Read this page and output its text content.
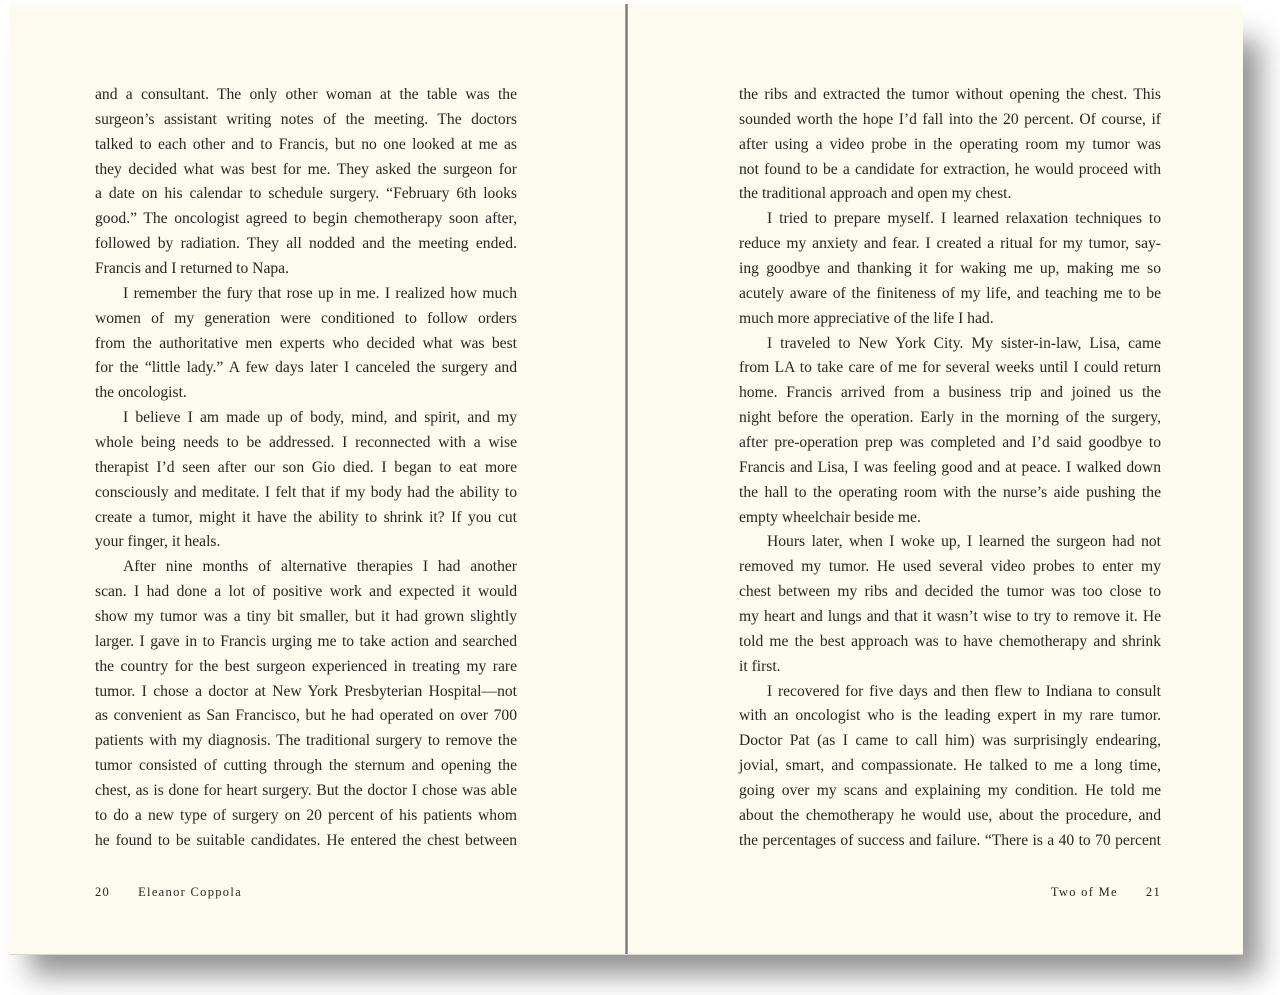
and a consultant. The only other woman at the table was the
surgeon’s assistant writing notes of the meeting. The doctors
talked to each other and to Francis, but no one looked at me as
they decided what was best for me. They asked the surgeon for
a date on his calendar to schedule surgery. “February 6th looks
good.” The oncologist agreed to begin chemotherapy soon after,
followed by radiation. They all nodded and the meeting ended.
Francis and I returned to Napa.
I remember the fury that rose up in me. I realized how much
women of my generation were conditioned to follow orders
from the authoritative men experts who decided what was best
for the “little lady.” A few days later I canceled the surgery and
the oncologist.
I believe I am made up of body, mind, and spirit, and my
whole being needs to be addressed. I reconnected with a wise
therapist I’d seen after our son Gio died. I began to eat more
consciously and meditate. I felt that if my body had the ability to
create a tumor, might it have the ability to shrink it? If you cut
your finger, it heals.
After nine months of alternative therapies I had another
scan. I had done a lot of positive work and expected it would
show my tumor was a tiny bit smaller, but it had grown slightly
larger. I gave in to Francis urging me to take action and searched
the country for the best surgeon experienced in treating my rare
tumor. I chose a doctor at New York Presbyterian Hospital—not
as convenient as San Francisco, but he had operated on over 700
patients with my diagnosis. The traditional surgery to remove the
tumor consisted of cutting through the sternum and opening the
chest, as is done for heart surgery. But the doctor I chose was able
to do a new type of surgery on 20 percent of his patients whom
he found to be suitable candidates. He entered the chest between
20 Eleanor Coppola
the ribs and extracted the tumor without opening the chest. This
sounded worth the hope I’d fall into the 20 percent. Of course, if
after using a video probe in the operating room my tumor was
not found to be a candidate for extraction, he would proceed with
the traditional approach and open my chest.
I tried to prepare myself. I learned relaxation techniques to
reduce my anxiety and fear. I created a ritual for my tumor, say-
ing goodbye and thanking it for waking me up, making me so
acutely aware of the finiteness of my life, and teaching me to be
much more appreciative of the life I had.
I traveled to New York City. My sister-in-law, Lisa, came
from LA to take care of me for several weeks until I could return
home. Francis arrived from a business trip and joined us the
night before the operation. Early in the morning of the surgery,
after pre-operation prep was completed and I’d said goodbye to
Francis and Lisa, I was feeling good and at peace. I walked down
the hall to the operating room with the nurse’s aide pushing the
empty wheelchair beside me.
Hours later, when I woke up, I learned the surgeon had not
removed my tumor. He used several video probes to enter my
chest between my ribs and decided the tumor was too close to
my heart and lungs and that it wasn’t wise to try to remove it. He
told me the best approach was to have chemotherapy and shrink
it first.
I recovered for five days and then flew to Indiana to consult
with an oncologist who is the leading expert in my rare tumor.
Doctor Pat (as I came to call him) was surprisingly endearing,
jovial, smart, and compassionate. He talked to me a long time,
going over my scans and explaining my condition. He told me
about the chemotherapy he would use, about the procedure, and
the percentages of success and failure. “There is a 40 to 70 percent
Two of Me 21
